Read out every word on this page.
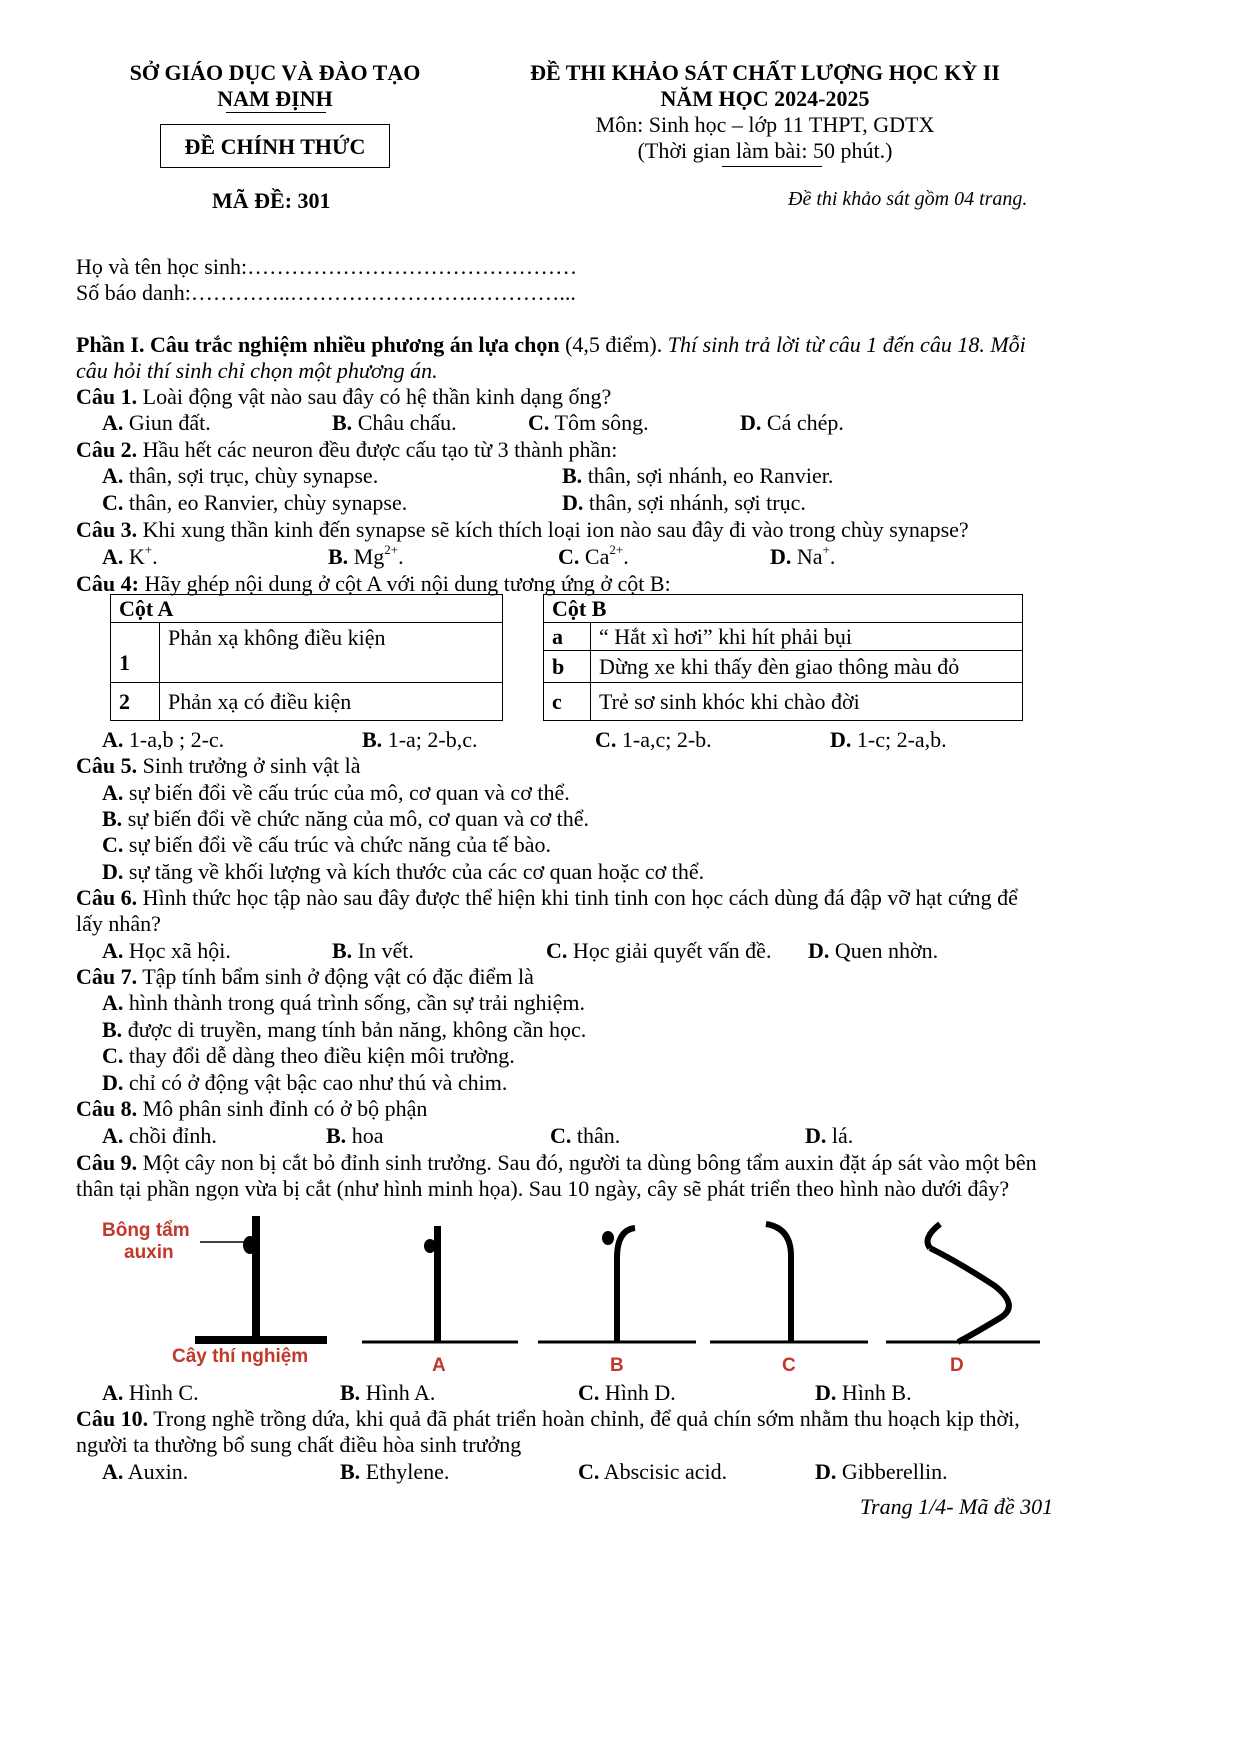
SỞ GIÁO DỤC VÀ ĐÀO TẠO
NAM ĐỊNH
ĐỀ CHÍNH THỨC
ĐỀ THI KHẢO SÁT CHẤT LƯỢNG HỌC KỲ II
NĂM HỌC 2024-2025
Môn: Sinh học – lớp 11 THPT, GDTX
(Thời gian làm bài: 50 phút.)
MÃ ĐỀ: 301	Đề thi khảo sát gồm 04 trang.
Họ và tên học sinh:………………………………………
Số báo danh:…………..…………………….…………...
Phần I. Câu trắc nghiệm nhiều phương án lựa chọn (4,5 điểm). Thí sinh trả lời từ câu 1 đến câu 18. Mỗi
câu hỏi thí sinh chỉ chọn một phương án.
Câu 1. Loài động vật nào sau đây có hệ thần kinh dạng ống?
A. Giun đất.	B. Châu chấu.	C. Tôm sông.	D. Cá chép.
Câu 2. Hầu hết các neuron đều được cấu tạo từ 3 thành phần:
A. thân, sợi trục, chùy synapse.	B. thân, sợi nhánh, eo Ranvier.
C. thân, eo Ranvier, chùy synapse.	D. thân, sợi nhánh, sợi trục.
Câu 3. Khi xung thần kinh đến synapse sẽ kích thích loại ion nào sau đây đi vào trong chùy synapse?
A. K+.	B. $Mg^{2+}$.	C. $Ca^{2+}$.	D. Na+.
Câu 4: Hãy ghép nội dung ở cột A với nội dung tương ứng ở cột B:
Cột A	
1	Phản xạ không điều kiện
2	Phản xạ có điều kiện
Cột B	
a	“ Hắt xì hơi” khi hít phải bụi
b	Dừng xe khi thấy đèn giao thông màu đỏ
c	Trẻ sơ sinh khóc khi chào đời
A. 1-a,b ; 2-c.	B. 1-a; 2-b,c.	C. 1-a,c; 2-b.	D. 1-c; 2-a,b.
Câu 5. Sinh trưởng ở sinh vật là
A. sự biến đổi về cấu trúc của mô, cơ quan và cơ thể.
B. sự biến đổi về chức năng của mô, cơ quan và cơ thể.
C. sự biến đổi về cấu trúc và chức năng của tế bào.
D. sự tăng về khối lượng và kích thước của các cơ quan hoặc cơ thể.
Câu 6. Hình thức học tập nào sau đây được thể hiện khi tinh tinh con học cách dùng đá đập vỡ hạt cứng để
lấy nhân?
A. Học xã hội.	B. In vết.	C. Học giải quyết vấn đề. D. Quen nhờn.
Câu 7. Tập tính bẩm sinh ở động vật có đặc điểm là
A. hình thành trong quá trình sống, cần sự trải nghiệm.
B. được di truyền, mang tính bản năng, không cần học.
C. thay đổi dễ dàng theo điều kiện môi trường.
D. chỉ có ở động vật bậc cao như thú và chim.
Câu 8. Mô phân sinh đỉnh có ở bộ phận
A. chồi đỉnh.	B. hoa	C. thân.	D. lá.
Câu 9. Một cây non bị cắt bỏ đỉnh sinh trưởng. Sau đó, người ta dùng bông tẩm auxin đặt áp sát vào một bên
thân tại phần ngọn vừa bị cắt (như hình minh họa). Sau 10 ngày, cây sẽ phát triển theo hình nào dưới đây?
Bông tẩm
auxin
Cây thí nghiệm	A	B	C	D
A. Hình C.	B. Hình A.	C. Hình D.	D. Hình B.
Câu 10. Trong nghề trồng dứa, khi quả đã phát triển hoàn chỉnh, để quả chín sớm nhằm thu hoạch kịp thời,
người ta thường bổ sung chất điều hòa sinh trưởng
A. Auxin.	B. Ethylene.	C. Abscisic acid.	D. Gibberellin.
Trang 1/4- Mã đề 301
